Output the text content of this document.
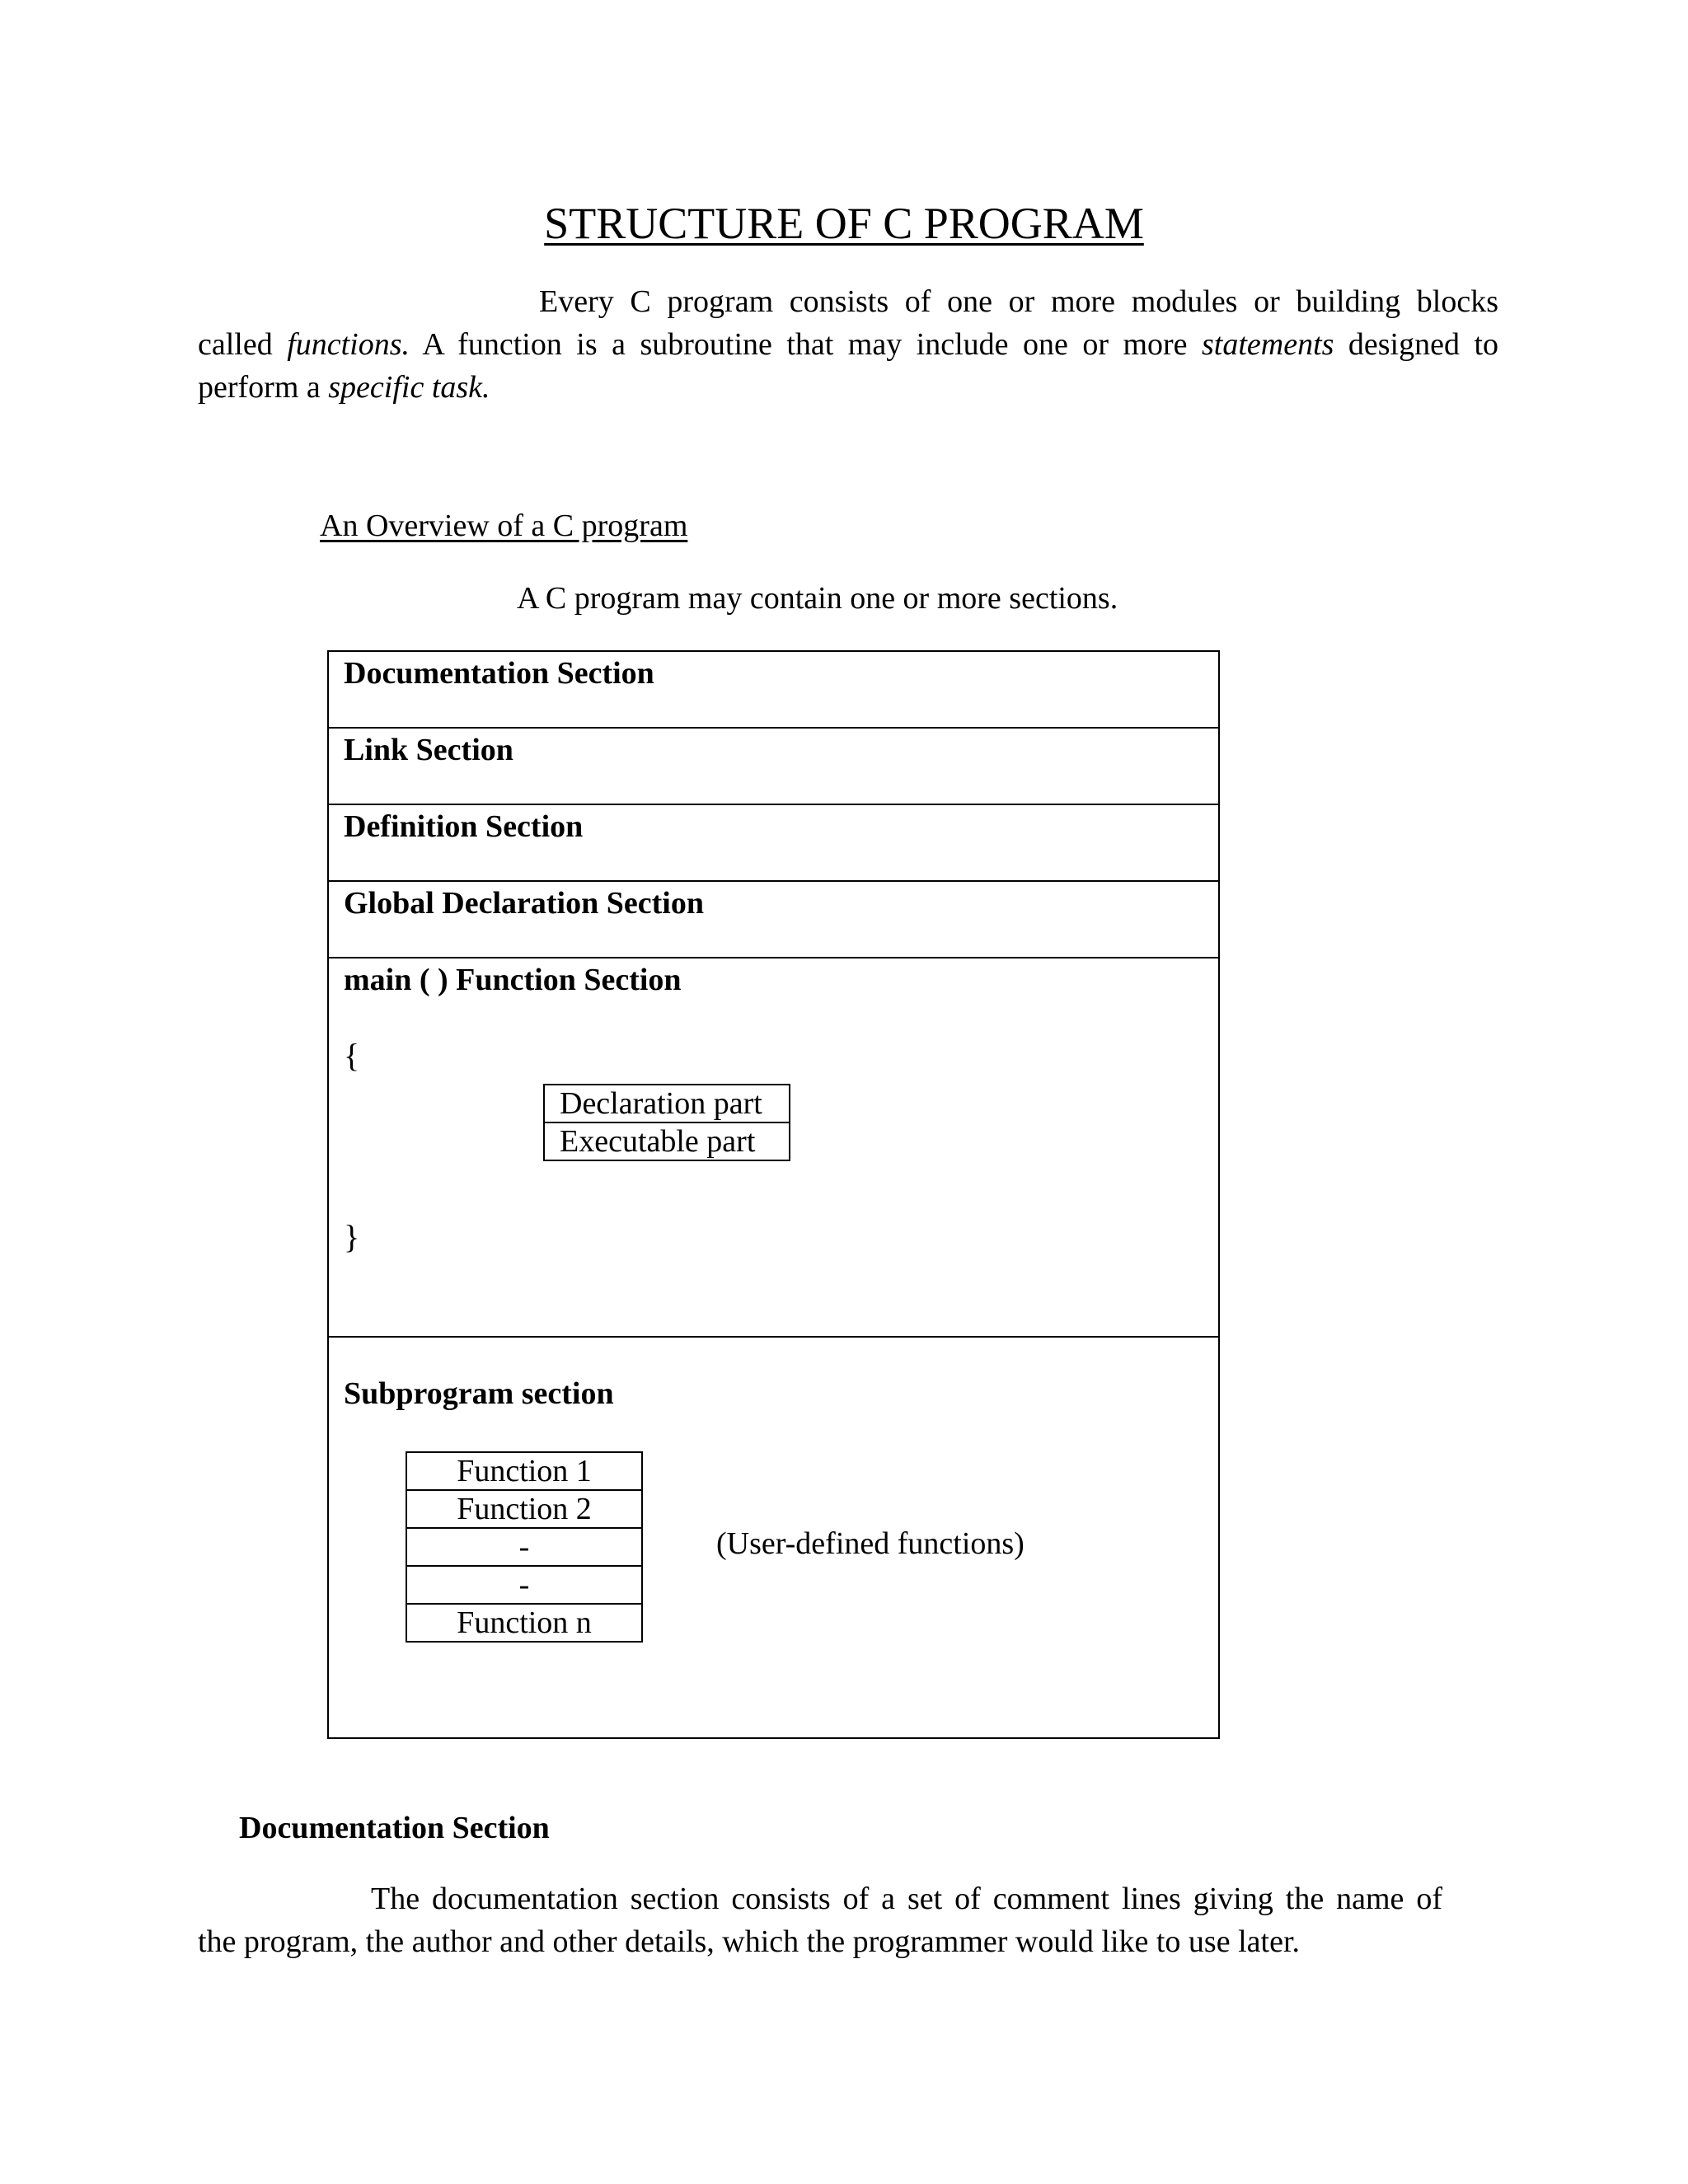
STRUCTURE OF C PROGRAM
Every C program consists of one or more modules or building blocks
called functions. A function is a subroutine that may include one or more statements designed to
perform a specific task.
An Overview of a C program
A C program may contain one or more sections.
Documentation Section
Link Section
Definition Section
Global Declaration Section
main ( ) Function Section
{
Declaration part
Executable part
}
Subprogram section
Function 1
Function 2
-
-
Function n
(User-defined functions)
Documentation Section
The documentation section consists of a set of comment lines giving the name of
the program, the author and other details, which the programmer would like to use later.
